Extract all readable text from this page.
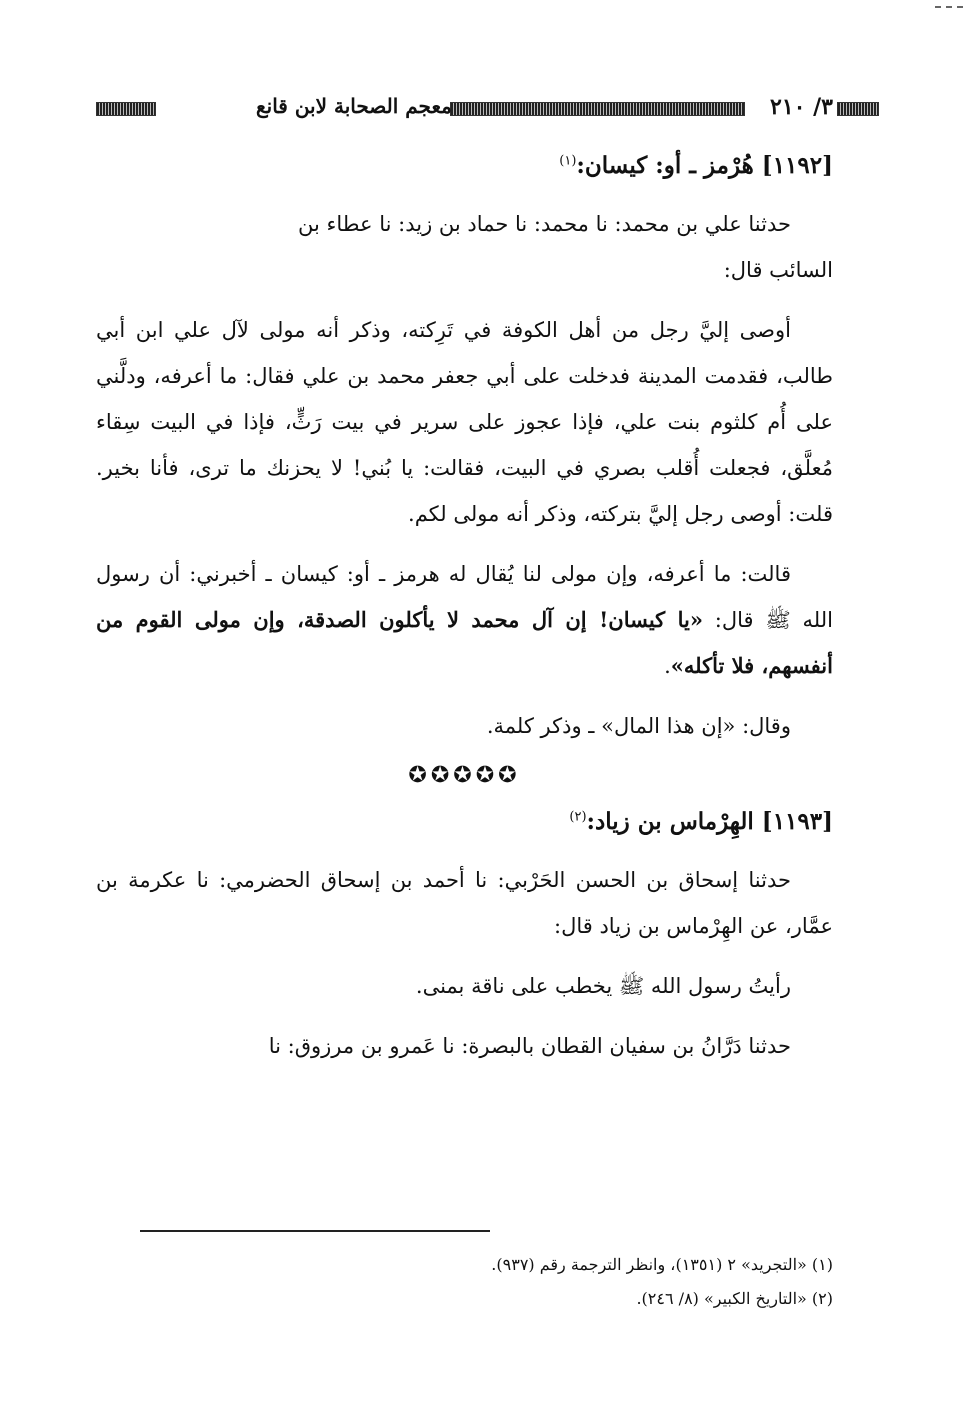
٣/ ٢١٠
معجم الصحابة لابن قانع
[١١٩٢] هُرْمز ـ أو: كيسان:$^{(١)}$

حدثنا علي بن محمد: نا محمد: نا حماد بن زيد: نا عطاء بن
السائب قال:

أوصى إليَّ رجل من أهل الكوفة في تَرِكته، وذكر أنه مولى لآل علي ابن أبي طالب، فقدمت المدينة فدخلت على أبي جعفر محمد بن علي فقال: ما أعرفه، ودلَّني على أُم كلثوم بنت علي، فإذا عجوز على سرير في بيت رَثٍّ، فإذا في البيت سِقاء مُعلَّق، فجعلت أُقلب بصري في البيت، فقالت: يا بُني! لا يحزنك ما ترى، فأنا بخير. قلت: أوصى رجل إليَّ بتركته، وذكر أنه مولى لكم.

قالت: ما أعرفه، وإن مولى لنا يُقال له هرمز ـ أو: كيسان ـ أخبرني: أن رسول الله ﷺ قال: «يا كيسان! إن آل محمد لا يأكلون الصدقة، وإن مولى القوم من أنفسهم، فلا تأكله».

وقال: «إن هذا المال» ـ وذكر كلمة.

✪✪✪✪✪
[١١٩٣] الهِرْماس بن زياد:$^{(٢)}$

حدثنا إسحاق بن الحسن الحَرْبي: نا أحمد بن إسحاق الحضرمي: نا عكرمة بن عمَّار، عن الهِرْماس بن زياد قال:

رأيتُ رسول الله ﷺ يخطب على ناقة بمنى.

حدثنا دَرَّانُ بن سفيان القطان بالبصرة: نا عَمرو بن مرزوق: نا

(١) «التجريد» ٢ (١٣٥١)، وانظر الترجمة رقم (٩٣٧).

(٢) «التاريخ الكبير» (٨/ ٢٤٦).
